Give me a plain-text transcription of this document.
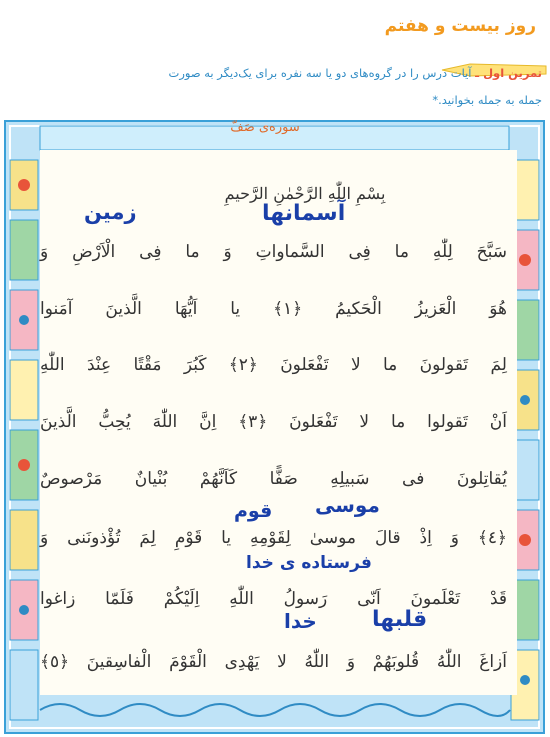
روز بیست و هفتم
تمرین اول ـ آیات درس را در گروه‌های دو یا سه نفره برای یک‌دیگر به صورت
جمله به جمله بخوانید.*
سوره‌ی صَفّ
بِسْمِ اللّٰهِ الرَّحْمٰنِ الرَّحیمِ
سَبَّحَ لِلّٰهِ ما فِی السَّماواتِ وَ ما فِی الْاَرْضِ وَ
هُوَ الْعَزیزُ الْحَکیمُ ﴿١﴾ یا اَیُّهَا الَّذینَ آمَنوا
لِمَ تَقولونَ ما لا تَفْعَلونَ ﴿٢﴾ کَبُرَ مَقْتًا عِنْدَ اللّٰهِ
اَنْ تَقولوا ما لا تَفْعَلونَ ﴿٣﴾ اِنَّ اللّٰهَ یُحِبُّ الَّذینَ
یُقاتِلونَ فی سَبیلِهِ صَفًّا کَاَنَّهُمْ بُنْیانٌ مَرْصوصٌ
﴿٤﴾ وَ اِذْ قالَ موسیٰ لِقَوْمِهِ یا قَوْمِ لِمَ تُؤْذونَنی وَ
قَدْ تَعْلَمونَ اَنّی رَسولُ اللّٰهِ اِلَیْکُمْ فَلَمّا زاغوا
اَزاغَ اللّٰهُ قُلوبَهُمْ وَ اللّٰهُ لا یَهْدِی الْقَوْمَ الْفاسِقینَ ﴿٥﴾
آسمانها
زمین
موسی
قوم
فرستاده ی خدا
خدا	قلبها
